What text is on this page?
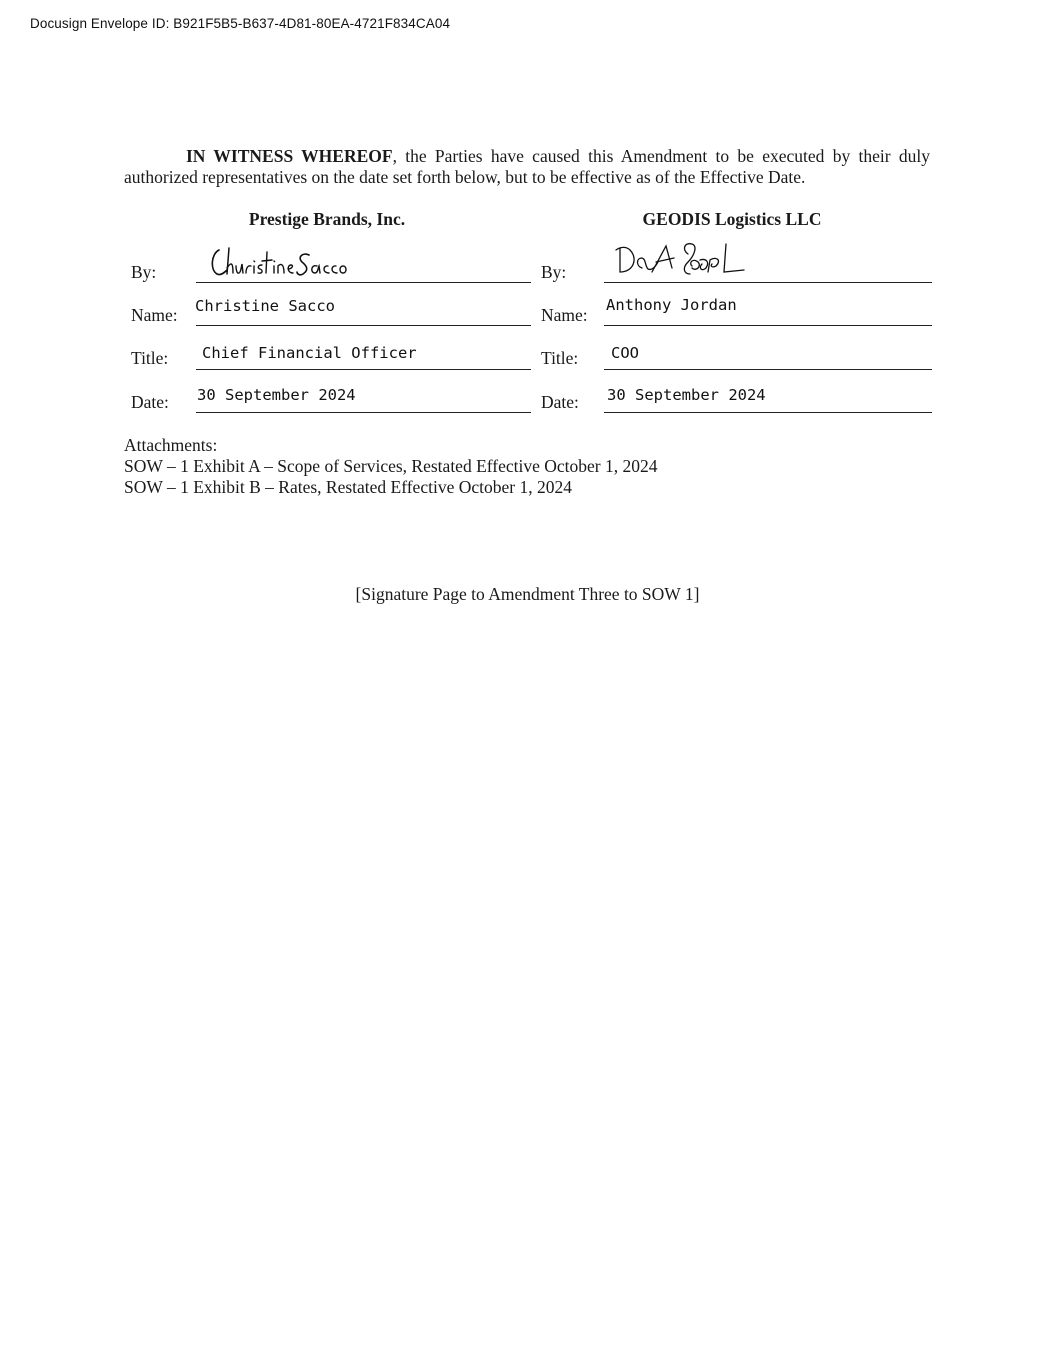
Docusign Envelope ID: B921F5B5-B637-4D81-80EA-4721F834CA04
IN WITNESS WHEREOF, the Parties have caused this Amendment to be executed by their duly authorized representatives on the date set forth below, but to be effective as of the Effective Date.
Prestige Brands, Inc.	GEODIS Logistics LLC
By:
Name: Christine Sacco
Title: Chief Financial Officer
Date: 30 September 2024
By:
Name: Anthony Jordan
Title: COO
Date: 30 September 2024
Attachments:
SOW – 1 Exhibit A – Scope of Services, Restated Effective October 1, 2024
SOW – 1 Exhibit B – Rates, Restated Effective October 1, 2024
[Signature Page to Amendment Three to SOW 1]
